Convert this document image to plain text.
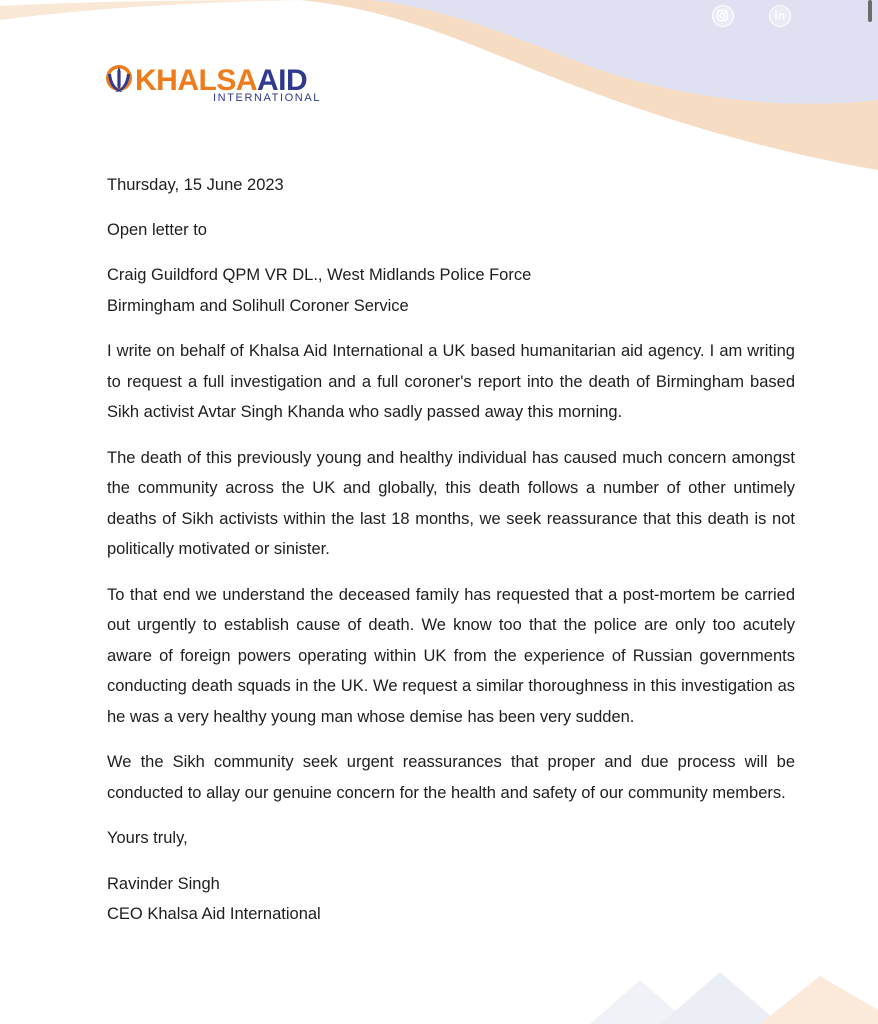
KHALSAAID
INTERNATIONAL

Thursday, 15 June 2023

Open letter to

Craig Guildford QPM VR DL., West Midlands Police Force

Birmingham and Solihull Coroner Service

I write on behalf of Khalsa Aid International a UK based humanitarian aid agency. I am writing to request a full investigation and a full coroner's report into the death of Birmingham based Sikh activist Avtar Singh Khanda who sadly passed away this morning.

The death of this previously young and healthy individual has caused much concern amongst the community across the UK and globally, this death follows a number of other untimely deaths of Sikh activists within the last 18 months, we seek reassurance that this death is not politically motivated or sinister.

To that end we understand the deceased family has requested that a post-mortem be carried out urgently to establish cause of death. We know too that the police are only too acutely aware of foreign powers operating within UK from the experience of Russian governments conducting death squads in the UK. We request a similar thoroughness in this investigation as he was a very healthy young man whose demise has been very sudden.

We the Sikh community seek urgent reassurances that proper and due process will be conducted to allay our genuine concern for the health and safety of our community members.

Yours truly,

Ravinder Singh

CEO Khalsa Aid International
